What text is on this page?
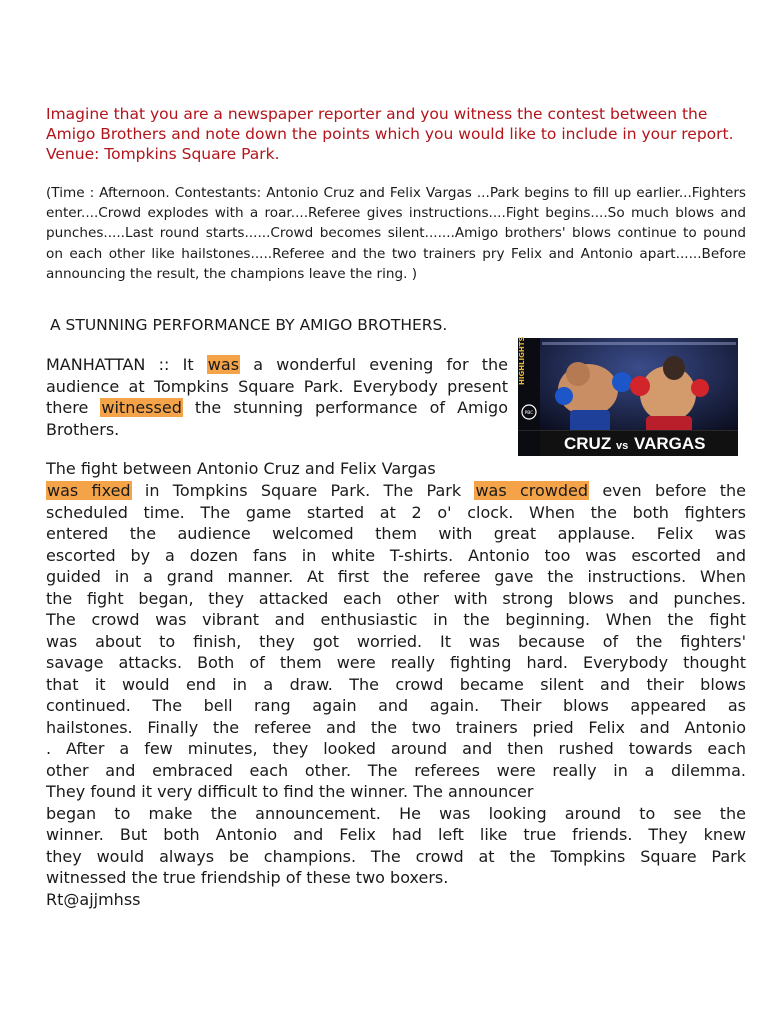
Imagine that you are a newspaper reporter and you witness the contest between the Amigo Brothers and note down the points which you would like to include in your report. Venue: Tompkins Square Park.
(Time : Afternoon. Contestants: Antonio Cruz and Felix Vargas ...Park begins to fill up earlier...Fighters enter....Crowd explodes with a roar....Referee gives instructions....Fight begins....So much blows and punches.....Last round starts......Crowd becomes silent.......Amigo brothers' blows continue to pound on each other like hailstones.....Referee and the two trainers pry Felix and Antonio apart......Before announcing the result, the champions leave the ring. )
A STUNNING PERFORMANCE BY AMIGO BROTHERS.
MANHATTAN :: It was a wonderful evening for the audience at Tompkins Square Park. Everybody present there witnessed the stunning performance of Amigo Brothers.
PBC
WATCH HIGHLIGHTS
CRUZ vs VARGAS
The fight between Antonio Cruz and Felix Vargas
was fixed in Tompkins Square Park. The Park was crowded even before the
scheduled time. The game started at 2 o' clock. When the both fighters
entered the audience welcomed them with great applause. Felix was
escorted by a dozen fans in white T-shirts. Antonio too was escorted and
guided in a grand manner. At first the referee gave the instructions. When
the fight began, they attacked each other with strong blows and punches.
The crowd was vibrant and enthusiastic in the beginning. When the fight
was about to finish, they got worried. It was because of the fighters'
savage attacks. Both of them were really fighting hard. Everybody thought
that it would end in a draw. The crowd became silent and their blows
continued. The bell rang again and again. Their blows appeared as
hailstones. Finally the referee and the two trainers pried Felix and Antonio
. After a few minutes, they looked around and then rushed towards each
other and embraced each other. The referees were really in a dilemma.
They found it very difficult to find the winner. The announcer
began to make the announcement. He was looking around to see the
winner. But both Antonio and Felix had left like true friends. They knew
they would always be champions. The crowd at the Tompkins Square Park
witnessed the true friendship of these two boxers.
Rt@ajjmhss
